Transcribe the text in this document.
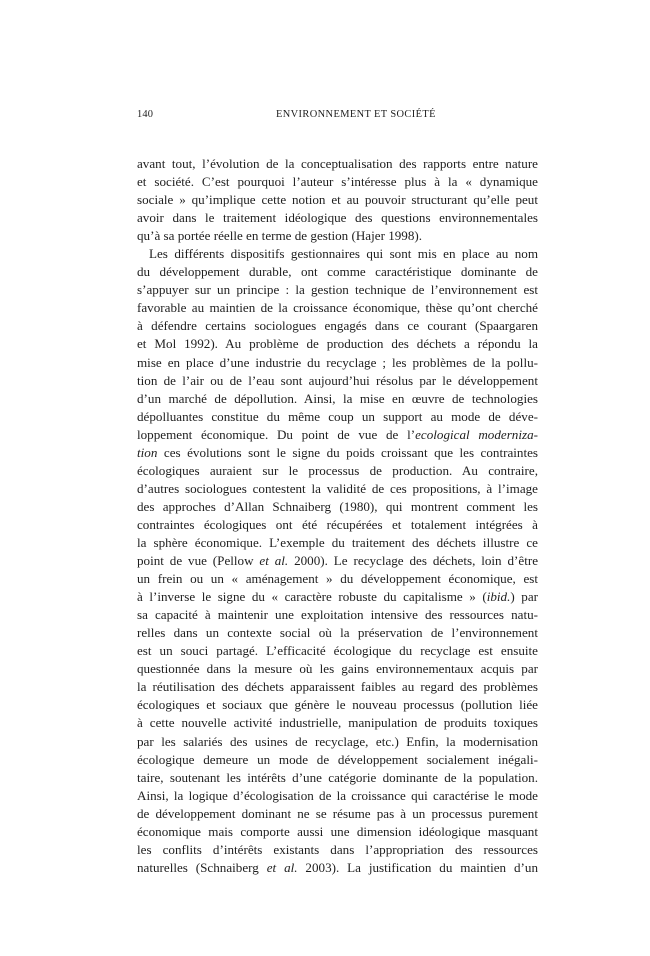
140	ENVIRONNEMENT ET SOCIÉTÉ
avant tout, l’évolution de la conceptualisation des rapports entre nature
et société. C’est pourquoi l’auteur s’intéresse plus à la « dynamique
sociale » qu’implique cette notion et au pouvoir structurant qu’elle peut
avoir dans le traitement idéologique des questions environnementales
qu’à sa portée réelle en terme de gestion (Hajer 1998).
Les différents dispositifs gestionnaires qui sont mis en place au nom
du développement durable, ont comme caractéristique dominante de
s’appuyer sur un principe : la gestion technique de l’environnement est
favorable au maintien de la croissance économique, thèse qu’ont cherché
à défendre certains sociologues engagés dans ce courant (Spaargaren
et Mol 1992). Au problème de production des déchets a répondu la
mise en place d’une industrie du recyclage ; les problèmes de la pollu-
tion de l’air ou de l’eau sont aujourd’hui résolus par le développement
d’un marché de dépollution. Ainsi, la mise en œuvre de technologies
dépolluantes constitue du même coup un support au mode de déve-
loppement économique. Du point de vue de l’ecological moderniza-
tion ces évolutions sont le signe du poids croissant que les contraintes
écologiques auraient sur le processus de production. Au contraire,
d’autres sociologues contestent la validité de ces propositions, à l’image
des approches d’Allan Schnaiberg (1980), qui montrent comment les
contraintes écologiques ont été récupérées et totalement intégrées à
la sphère économique. L’exemple du traitement des déchets illustre ce
point de vue (Pellow et al. 2000). Le recyclage des déchets, loin d’être
un frein ou un « aménagement » du développement économique, est
à l’inverse le signe du « caractère robuste du capitalisme » (ibid.) par
sa capacité à maintenir une exploitation intensive des ressources natu-
relles dans un contexte social où la préservation de l’environnement
est un souci partagé. L’efficacité écologique du recyclage est ensuite
questionnée dans la mesure où les gains environnementaux acquis par
la réutilisation des déchets apparaissent faibles au regard des problèmes
écologiques et sociaux que génère le nouveau processus (pollution liée
à cette nouvelle activité industrielle, manipulation de produits toxiques
par les salariés des usines de recyclage, etc.) Enfin, la modernisation
écologique demeure un mode de développement socialement inégali-
taire, soutenant les intérêts d’une catégorie dominante de la population.
Ainsi, la logique d’écologisation de la croissance qui caractérise le mode
de développement dominant ne se résume pas à un processus purement
économique mais comporte aussi une dimension idéologique masquant
les conflits d’intérêts existants dans l’appropriation des ressources
naturelles (Schnaiberg et al. 2003). La justification du maintien d’un
